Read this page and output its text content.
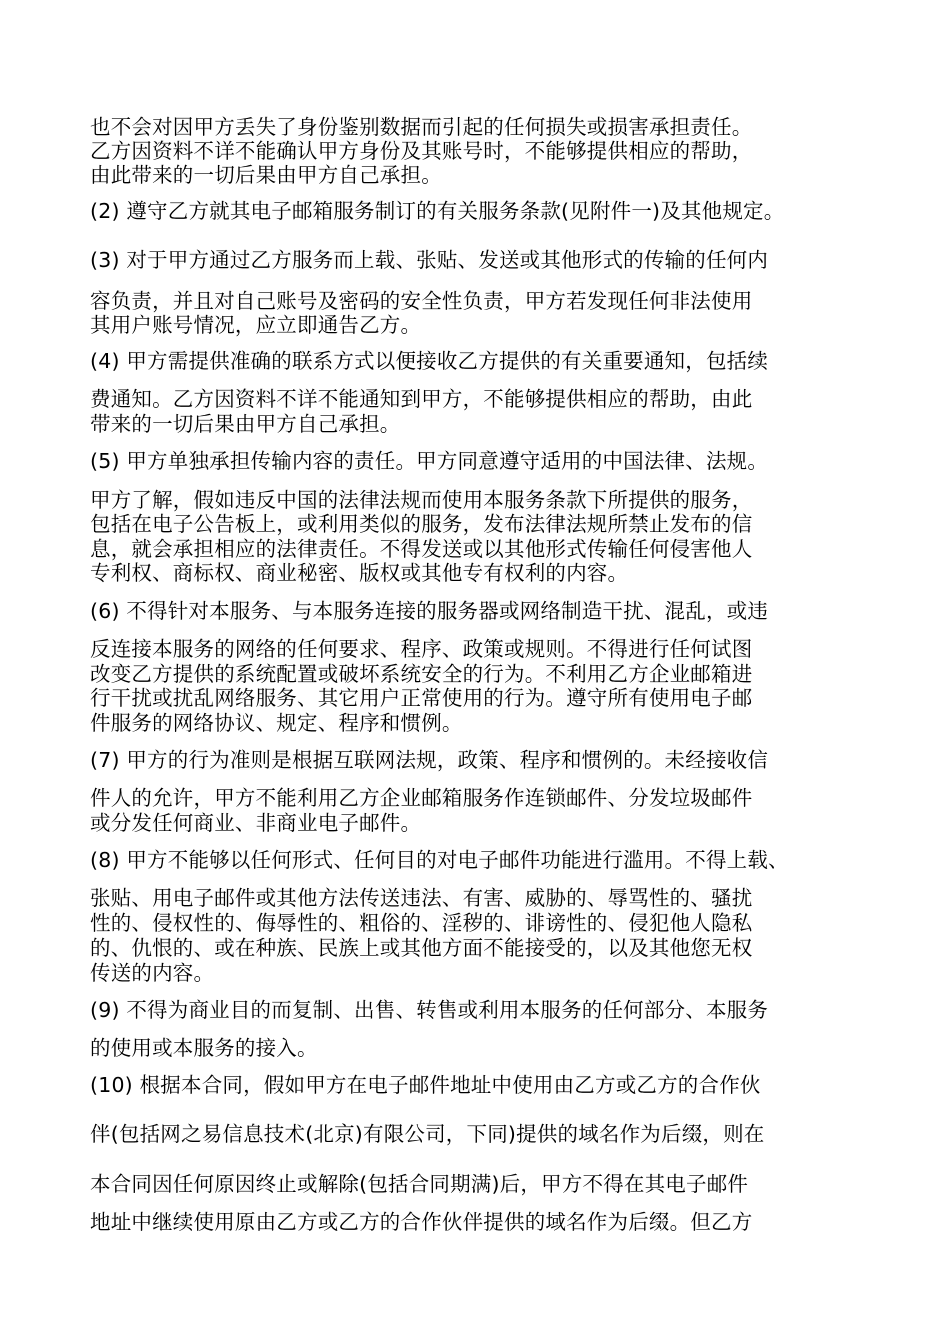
也不会对因甲方丢失了身份鉴别数据而引起的任何损失或损害承担责任。
乙方因资料不详不能确认甲方身份及其账号时，不能够提供相应的帮助，
由此带来的一切后果由甲方自己承担。
(2) 遵守乙方就其电子邮箱服务制订的有关服务条款(见附件一)及其他规定。
(3) 对于甲方通过乙方服务而上载、张贴、发送或其他形式的传输的任何内
容负责，并且对自己账号及密码的安全性负责，甲方若发现任何非法使用
其用户账号情况，应立即通告乙方。
(4) 甲方需提供准确的联系方式以便接收乙方提供的有关重要通知，包括续
费通知。乙方因资料不详不能通知到甲方，不能够提供相应的帮助，由此
带来的一切后果由甲方自己承担。
(5) 甲方单独承担传输内容的责任。甲方同意遵守适用的中国法律、法规。
甲方了解，假如违反中国的法律法规而使用本服务条款下所提供的服务，
包括在电子公告板上，或利用类似的服务，发布法律法规所禁止发布的信
息，就会承担相应的法律责任。不得发送或以其他形式传输任何侵害他人
专利权、商标权、商业秘密、版权或其他专有权利的内容。
(6) 不得针对本服务、与本服务连接的服务器或网络制造干扰、混乱，或违
反连接本服务的网络的任何要求、程序、政策或规则。不得进行任何试图
改变乙方提供的系统配置或破坏系统安全的行为。不利用乙方企业邮箱进
行干扰或扰乱网络服务、其它用户正常使用的行为。遵守所有使用电子邮
件服务的网络协议、规定、程序和惯例。
(7) 甲方的行为准则是根据互联网法规，政策、程序和惯例的。未经接收信
件人的允许，甲方不能利用乙方企业邮箱服务作连锁邮件、分发垃圾邮件
或分发任何商业、非商业电子邮件。
(8) 甲方不能够以任何形式、任何目的对电子邮件功能进行滥用。不得上载、
张贴、用电子邮件或其他方法传送违法、有害、威胁的、辱骂性的、骚扰
性的、侵权性的、侮辱性的、粗俗的、淫秽的、诽谤性的、侵犯他人隐私
的、仇恨的、或在种族、民族上或其他方面不能接受的，以及其他您无权
传送的内容。
(9) 不得为商业目的而复制、出售、转售或利用本服务的任何部分、本服务
的使用或本服务的接入。
(10) 根据本合同，假如甲方在电子邮件地址中使用由乙方或乙方的合作伙
伴(包括网之易信息技术(北京)有限公司，下同)提供的域名作为后缀，则在
本合同因任何原因终止或解除(包括合同期满)后，甲方不得在其电子邮件
地址中继续使用原由乙方或乙方的合作伙伴提供的域名作为后缀。但乙方
